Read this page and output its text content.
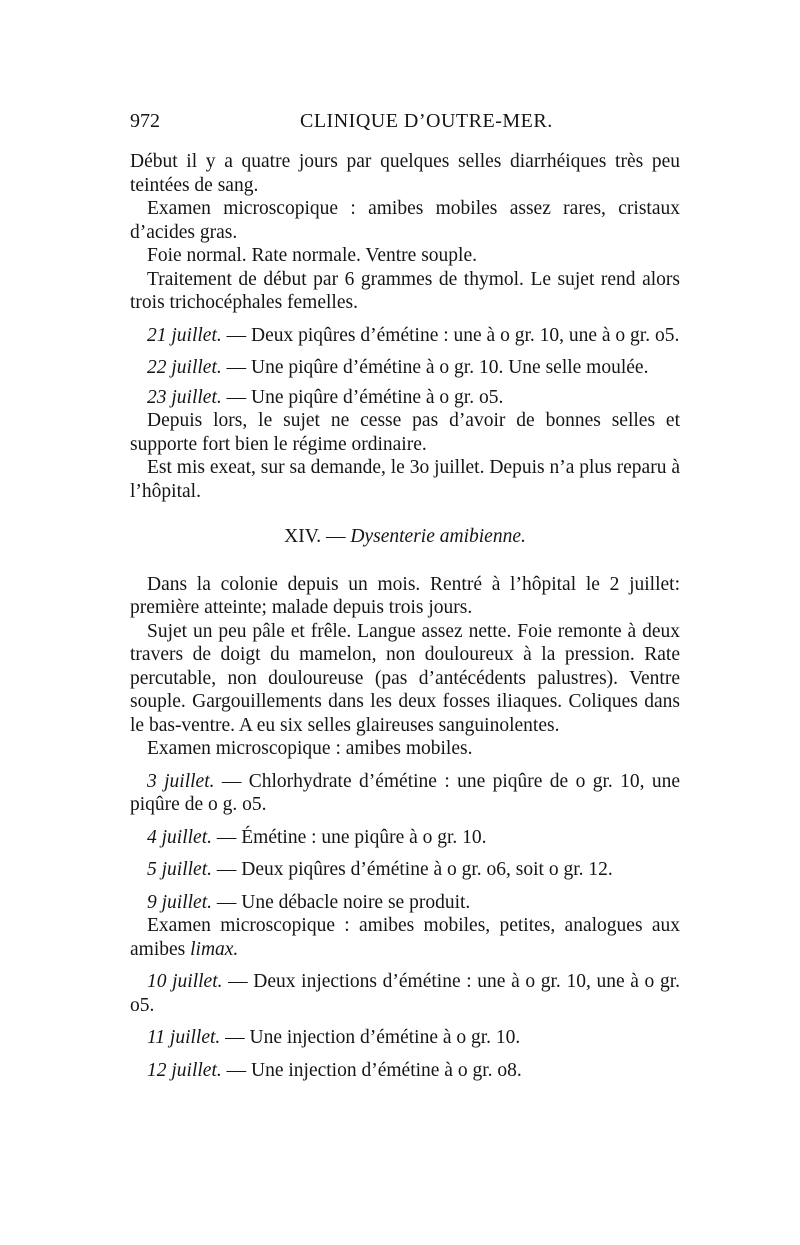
972	CLINIQUE D’OUTRE-MER.

Début il y a quatre jours par quelques selles diarrhéiques très peu teintées de sang.

Examen microscopique : amibes mobiles assez rares, cristaux d’acides gras.

Foie normal. Rate normale. Ventre souple.

Traitement de début par 6 grammes de thymol. Le sujet rend alors trois trichocéphales femelles.

21 juillet. — Deux piqûres d’émétine : une à o gr. 10, une à o gr. o5.

22 juillet. — Une piqûre d’émétine à o gr. 10. Une selle moulée.

23 juillet. — Une piqûre d’émétine à o gr. o5.

Depuis lors, le sujet ne cesse pas d’avoir de bonnes selles et supporte fort bien le régime ordinaire.

Est mis exeat, sur sa demande, le 3o juillet. Depuis n’a plus reparu à l’hôpital.

XIV. — Dysenterie amibienne.

Dans la colonie depuis un mois. Rentré à l’hôpital le 2 juillet: première atteinte; malade depuis trois jours.

Sujet un peu pâle et frêle. Langue assez nette. Foie remonte à deux travers de doigt du mamelon, non douloureux à la pression. Rate percutable, non douloureuse (pas d’antécédents palustres). Ventre souple. Gargouillements dans les deux fosses iliaques. Coliques dans le bas-ventre. A eu six selles glaireuses sanguinolentes.

Examen microscopique : amibes mobiles.

3 juillet. — Chlorhydrate d’émétine : une piqûre de o gr. 10, une piqûre de o g. o5.

4 juillet. — Émétine : une piqûre à o gr. 10.

5 juillet. — Deux piqûres d’émétine à o gr. o6, soit o gr. 12.

9 juillet. — Une débacle noire se produit.

Examen microscopique : amibes mobiles, petites, analogues aux amibes limax.

10 juillet. — Deux injections d’émétine : une à o gr. 10, une à o gr. o5.

11 juillet. — Une injection d’émétine à o gr. 10.

12 juillet. — Une injection d’émétine à o gr. o8.
